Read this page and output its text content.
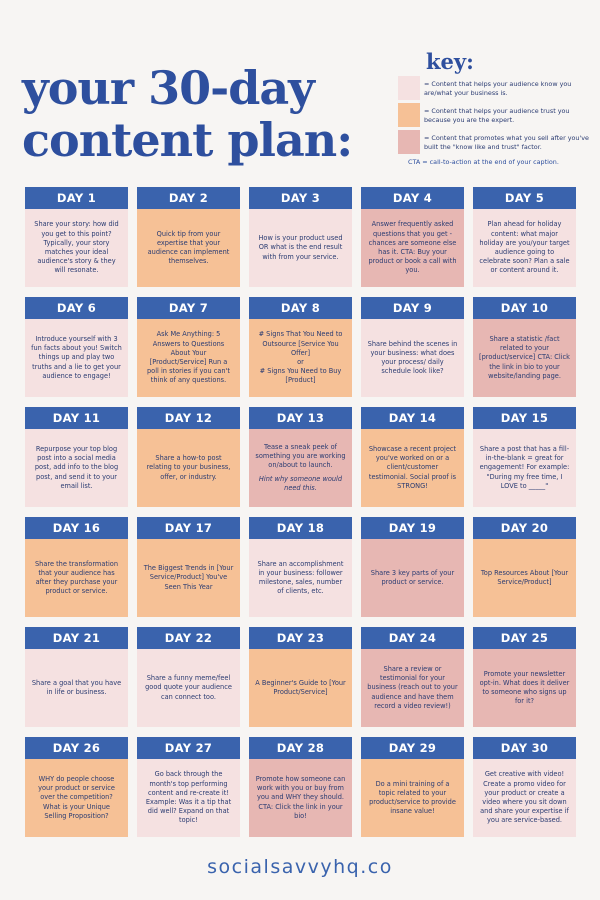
your 30-day
content plan:
key:
= Content that helps your audience know you are/what your business is.
= Content that helps your audience trust you because you are the expert.
= Content that promotes what you sell after you've built the "know like and trust" factor.
CTA = call-to-action at the end of your caption.
DAY 1
Share your story: how did you get to this point? Typically, your story matches your ideal audience's story & they will resonate.
DAY 2
Quick tip from your expertise that your audience can implement themselves.
DAY 3
How is your product used OR what is the end result with from your service.
DAY 4
Answer frequently asked questions that you get - chances are someone else has it. CTA: Buy your product or book a call with you.
DAY 5
Plan ahead for holiday content: what major holiday are you/your target audience going to celebrate soon? Plan a sale or content around it.
DAY 6
Introduce yourself with 3 fun facts about you! Switch things up and play two truths and a lie to get your audience to engage!
DAY 7
Ask Me Anything: 5 Answers to Questions About Your [Product/Service] Run a poll in stories if you can't think of any questions.
DAY 8
# Signs That You Need to Outsource [Service You Offer]
or
# Signs You Need to Buy [Product]
DAY 9
Share behind the scenes in your business: what does your process/ daily schedule look like?
DAY 10
Share a statistic /fact related to your [product/service] CTA: Click the link in bio to your website/landing page.
DAY 11
Repurpose your top blog post into a social media post, add info to the blog post, and send it to your email list.
DAY 12
Share a how-to post relating to your business, offer, or industry.
DAY 13
Tease a sneak peek of something you are working on/about to launch.
Hint why someone would need this.
DAY 14
Showcase a recent project you've worked on or a client/customer testimonial. Social proof is STRONG!
DAY 15
Share a post that has a fill-in-the-blank = great for engagement! For example: "During my free time, I LOVE to _____"
DAY 16
Share the transformation that your audience has after they purchase your product or service.
DAY 17
The Biggest Trends in [Your Service/Product] You've Seen This Year
DAY 18
Share an accomplishment in your business: follower milestone, sales, number of clients, etc.
DAY 19
Share 3 key parts of your product or service.
DAY 20
Top Resources About [Your Service/Product]
DAY 21
Share a goal that you have in life or business.
DAY 22
Share a funny meme/feel good quote your audience can connect too.
DAY 23
A Beginner's Guide to [Your Product/Service]
DAY 24
Share a review or testimonial for your business (reach out to your audience and have them record a video review!)
DAY 25
Promote your newsletter opt-in. What does it deliver to someone who signs up for it?
DAY 26
WHY do people choose your product or service over the competition? What is your Unique Selling Proposition?
DAY 27
Go back through the month's top performing content and re-create it! Example: Was it a tip that did well? Expand on that topic!
DAY 28
Promote how someone can work with you or buy from you and WHY they should. CTA: Click the link in your bio!
DAY 29
Do a mini training of a topic related to your product/service to provide insane value!
DAY 30
Get creative with video! Create a promo video for your product or create a video where you sit down and share your expertise if you are service-based.
socialsavvyhq.co
